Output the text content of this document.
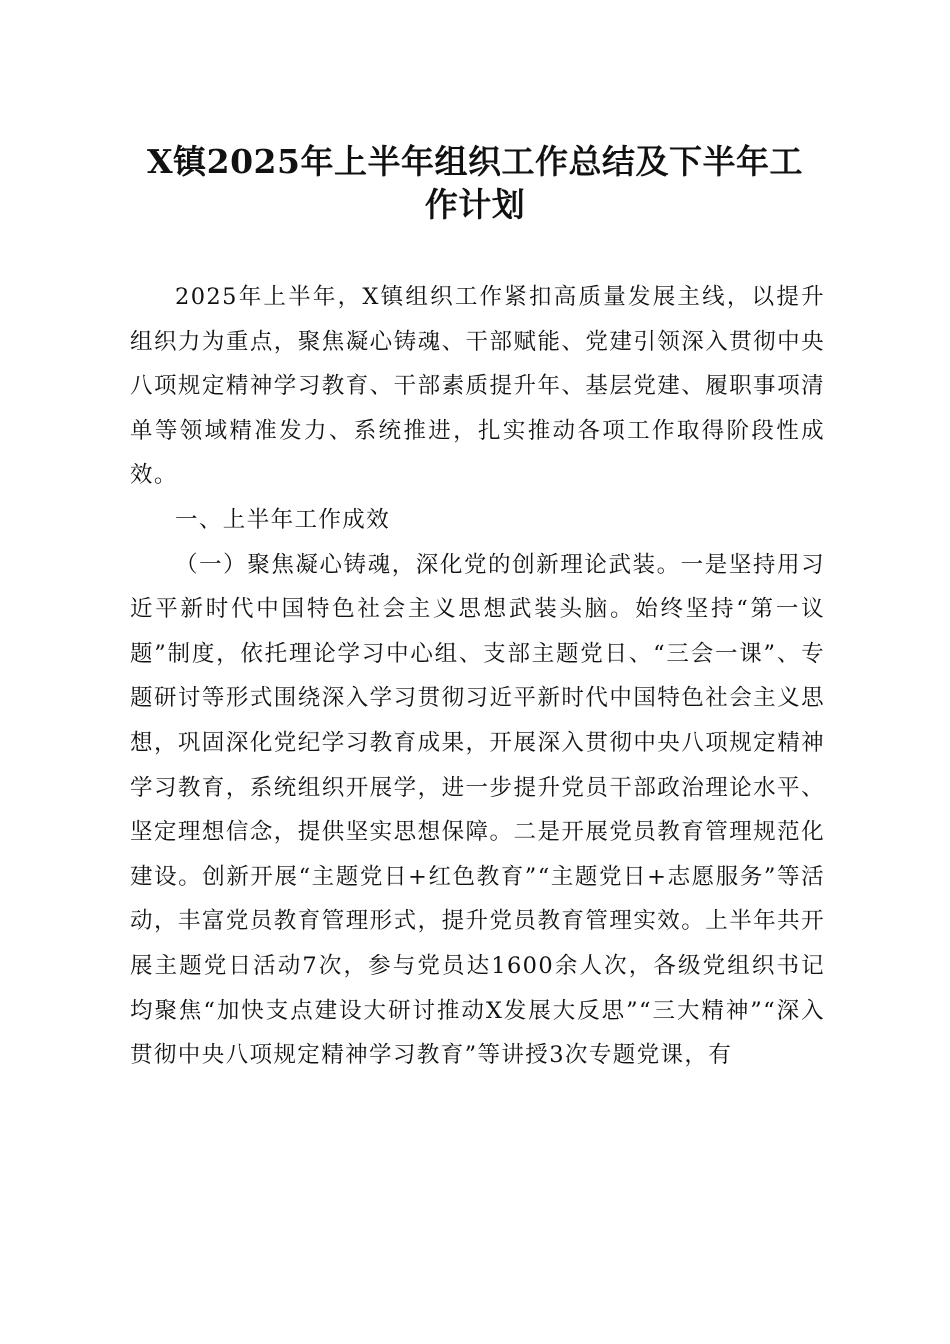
X镇2025年上半年组织工作总结及下半年工
作计划

2025年上半年，X镇组织工作紧扣高质量发展主线，以提升组织力为重点，聚焦凝心铸魂、干部赋能、党建引领深入贯彻中央八项规定精神学习教育、干部素质提升年、基层党建、履职事项清单等领域精准发力、系统推进，扎实推动各项工作取得阶段性成效。

一、上半年工作成效

（一）聚焦凝心铸魂，深化党的创新理论武装。一是坚持用习近平新时代中国特色社会主义思想武装头脑。始终坚持“第一议题”制度，依托理论学习中心组、支部主题党日、“三会一课”、专题研讨等形式围绕深入学习贯彻习近平新时代中国特色社会主义思想，巩固深化党纪学习教育成果，开展深入贯彻中央八项规定精神学习教育，系统组织开展学，进一步提升党员干部政治理论水平、坚定理想信念，提供坚实思想保障。二是开展党员教育管理规范化建设。创新开展“主题党日+红色教育”“主题党日+志愿服务”等活动，丰富党员教育管理形式，提升党员教育管理实效。上半年共开展主题党日活动7次，参与党员达1600余人次，各级党组织书记均聚焦“加快支点建设大研讨推动X发展大反思”“三大精神”“深入贯彻中央八项规定精神学习教育”等讲授3次专题党课，有
